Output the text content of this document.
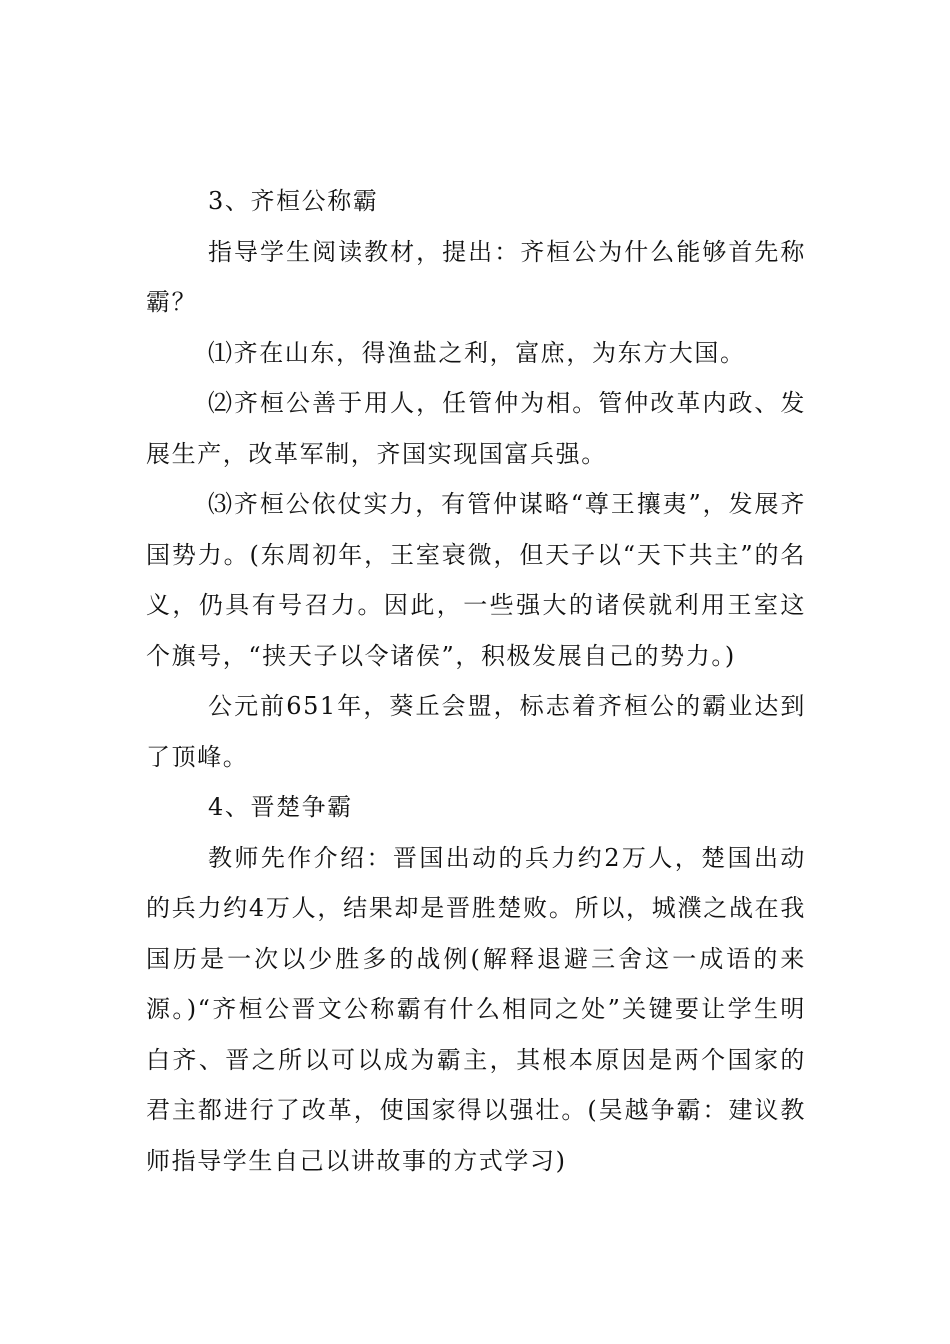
3、齐桓公称霸

指导学生阅读教材，提出：齐桓公为什么能够首先称霸？

⑴齐在山东，得渔盐之利，富庶，为东方大国。

⑵齐桓公善于用人，任管仲为相。管仲改革内政、发展生产，改革军制，齐国实现国富兵强。

⑶齐桓公依仗实力，有管仲谋略“尊王攘夷”，发展齐国势力。(东周初年，王室衰微，但天子以“天下共主”的名义，仍具有号召力。因此，一些强大的诸侯就利用王室这个旗号，“挟天子以令诸侯”，积极发展自己的势力。)

公元前651年，葵丘会盟，标志着齐桓公的霸业达到了顶峰。

4、晋楚争霸

教师先作介绍：晋国出动的兵力约2万人，楚国出动的兵力约4万人，结果却是晋胜楚败。所以，城濮之战在我国历是一次以少胜多的战例(解释退避三舍这一成语的来源。)“齐桓公晋文公称霸有什么相同之处”关键要让学生明白齐、晋之所以可以成为霸主，其根本原因是两个国家的君主都进行了改革，使国家得以强壮。(吴越争霸：建议教师指导学生自己以讲故事的方式学习)
